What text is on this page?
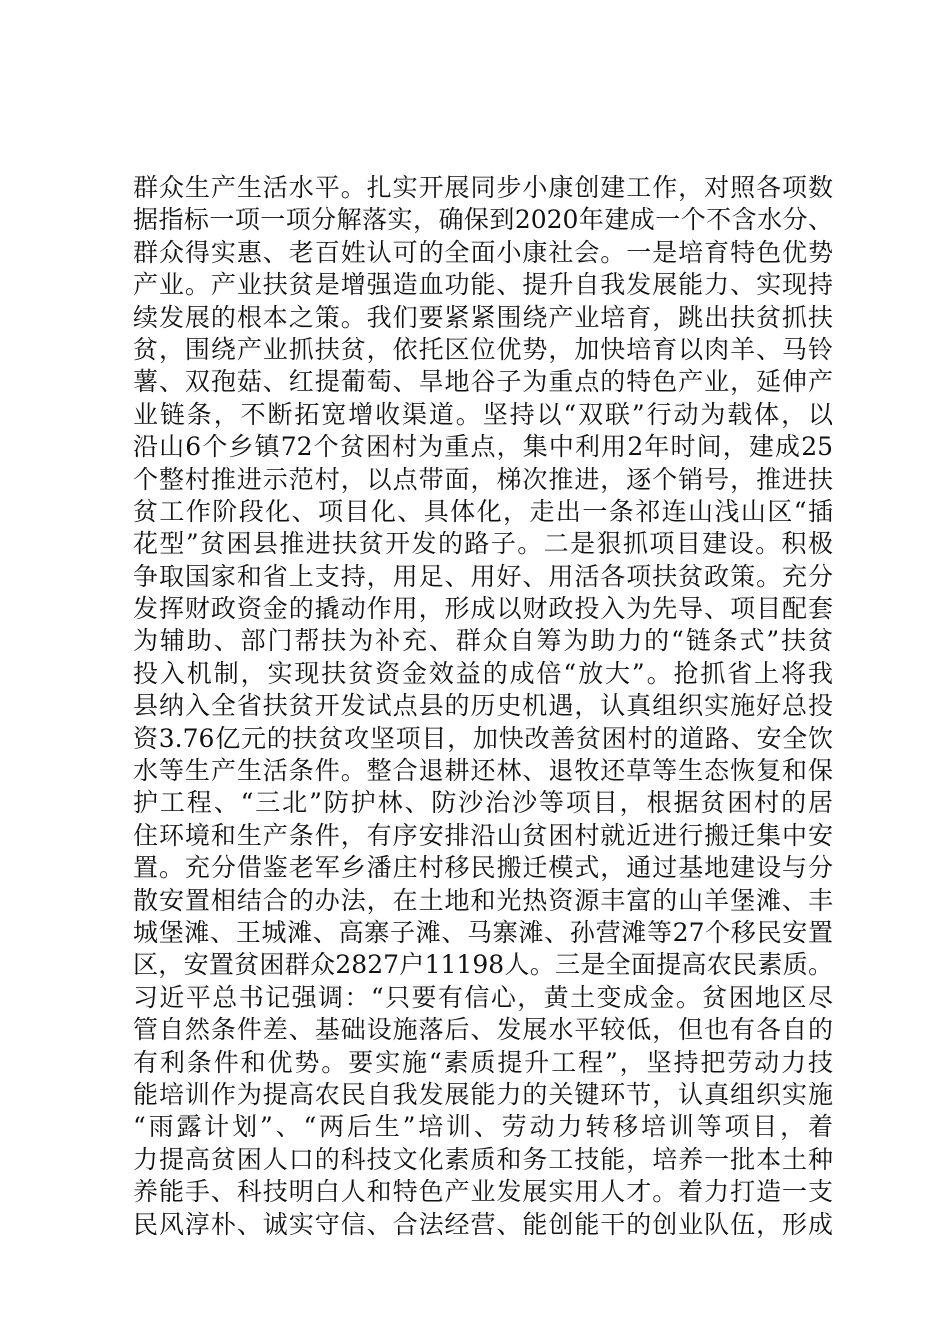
群众生产生活水平。扎实开展同步小康创建工作，对照各项数
据指标一项一项分解落实，确保到2020年建成一个不含水分、
群众得实惠、老百姓认可的全面小康社会。一是培育特色优势
产业。产业扶贫是增强造血功能、提升自我发展能力、实现持
续发展的根本之策。我们要紧紧围绕产业培育，跳出扶贫抓扶
贫，围绕产业抓扶贫，依托区位优势，加快培育以肉羊、马铃
薯、双孢菇、红提葡萄、旱地谷子为重点的特色产业，延伸产
业链条，不断拓宽增收渠道。坚持以“双联”行动为载体，以
沿山6个乡镇72个贫困村为重点，集中利用2年时间，建成25
个整村推进示范村，以点带面，梯次推进，逐个销号，推进扶
贫工作阶段化、项目化、具体化，走出一条祁连山浅山区“插
花型”贫困县推进扶贫开发的路子。二是狠抓项目建设。积极
争取国家和省上支持，用足、用好、用活各项扶贫政策。充分
发挥财政资金的撬动作用，形成以财政投入为先导、项目配套
为辅助、部门帮扶为补充、群众自筹为助力的“链条式”扶贫
投入机制，实现扶贫资金效益的成倍“放大”。抢抓省上将我
县纳入全省扶贫开发试点县的历史机遇，认真组织实施好总投
资3.76亿元的扶贫攻坚项目，加快改善贫困村的道路、安全饮
水等生产生活条件。整合退耕还林、退牧还草等生态恢复和保
护工程、“三北”防护林、防沙治沙等项目，根据贫困村的居
住环境和生产条件，有序安排沿山贫困村就近进行搬迁集中安
置。充分借鉴老军乡潘庄村移民搬迁模式，通过基地建设与分
散安置相结合的办法，在土地和光热资源丰富的山羊堡滩、丰
城堡滩、王城滩、高寨子滩、马寨滩、孙营滩等27个移民安置
区，安置贫困群众2827户11198人。三是全面提高农民素质。
习近平总书记强调：“只要有信心，黄土变成金。贫困地区尽
管自然条件差、基础设施落后、发展水平较低，但也有各自的
有利条件和优势。要实施“素质提升工程”，坚持把劳动力技
能培训作为提高农民自我发展能力的关键环节，认真组织实施
“雨露计划”、“两后生”培训、劳动力转移培训等项目，着
力提高贫困人口的科技文化素质和务工技能，培养一批本土种
养能手、科技明白人和特色产业发展实用人才。着力打造一支
民风淳朴、诚实守信、合法经营、能创能干的创业队伍，形成
